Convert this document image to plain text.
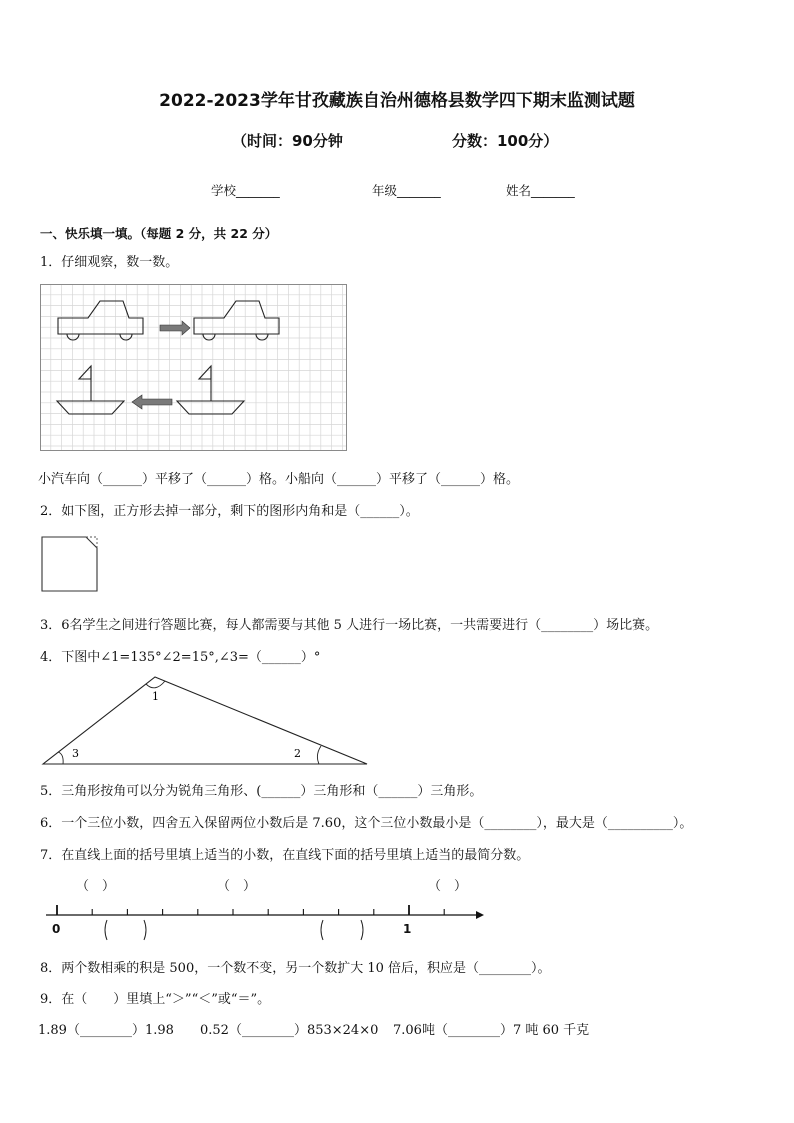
2022-2023学年甘孜藏族自治州德格县数学四下期末监测试题
（时间：90分钟	分数：100分）
学校_______	年级_______	姓名_______
一、快乐填一填。（每题 2 分，共 22 分）
1．仔细观察，数一数。
小汽车向（______）平移了（______）格。小船向（______）平移了（______）格。
2．如下图，正方形去掉一部分，剩下的图形内角和是（______）。
3．6名学生之间进行答题比赛，每人都需要与其他 5 人进行一场比赛，一共需要进行（________）场比赛。
4．下图中∠1=135°∠2=15°,∠3=（______）°
1
2
3
5．三角形按角可以分为锐角三角形、(______）三角形和（______）三角形。
6．一个三位小数，四舍五入保留两位小数后是 7.60，这个三位小数最小是（________），最大是（__________）。
7．在直线上面的括号里填上适当的小数，在直线下面的括号里填上适当的最简分数。
（　）	（　）	（　）
0	1
8．两个数相乘的积是 500，一个数不变，另一个数扩大 10 倍后，积应是（________）。
9．在（　　）里填上“＞”“＜”或“＝”。
1.89（________）1.98 0.52（________）853×24×0 7.06吨（________）7 吨 60 千克
